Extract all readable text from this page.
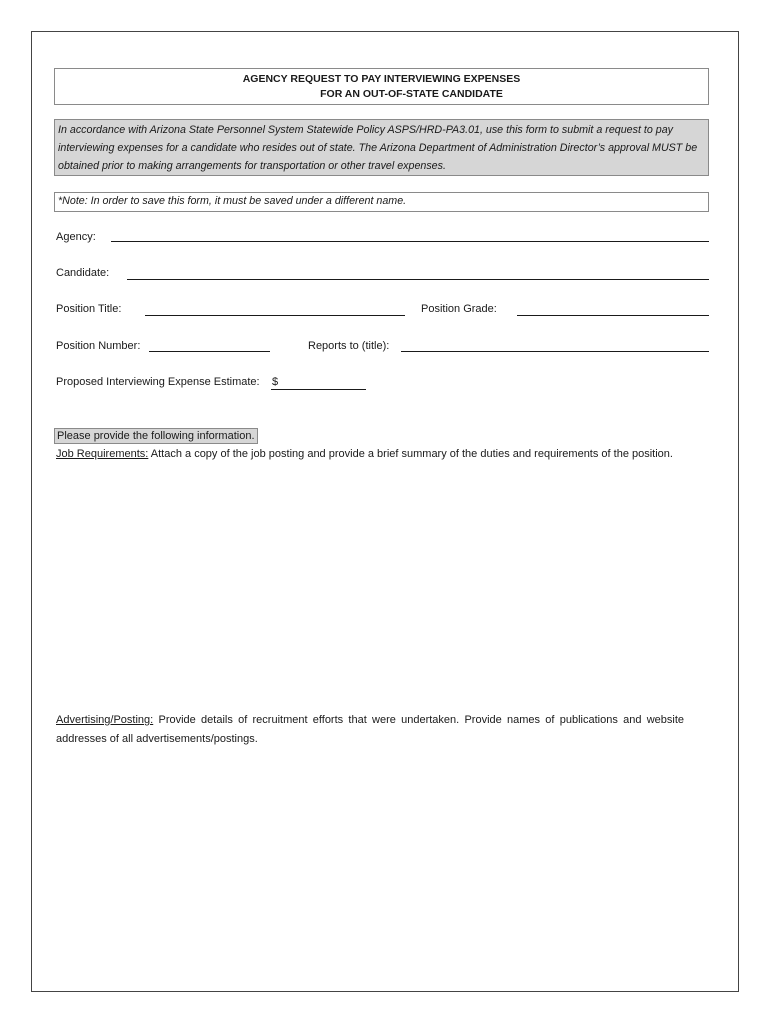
AGENCY REQUEST TO PAY INTERVIEWING EXPENSES
FOR AN OUT-OF-STATE CANDIDATE
In accordance with Arizona State Personnel System Statewide Policy ASPS/HRD-PA3.01, use this form to submit a request to pay interviewing expenses for a candidate who resides out of state. The Arizona Department of Administration Director’s approval MUST be obtained prior to making arrangements for transportation or other travel expenses.
*Note: In order to save this form, it must be saved under a different name.
Agency:
Candidate:
Position Title:	Position Grade:
Position Number:	Reports to (title):
Proposed Interviewing Expense Estimate: $
Please provide the following information.
Job Requirements: Attach a copy of the job posting and provide a brief summary of the duties and requirements of the position.
Advertising/Posting: Provide details of recruitment efforts that were undertaken. Provide names of publications and website addresses of all advertisements/postings.
